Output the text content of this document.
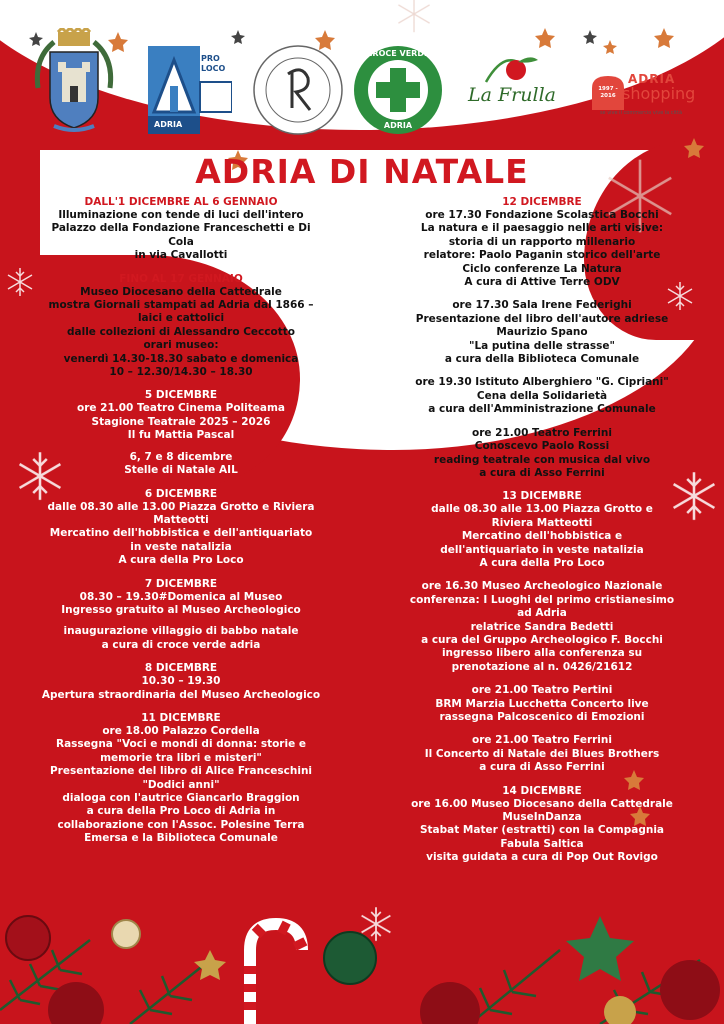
PRO LOCO
ADRIA
CROCE VERDE
ADRIA
La Frulla	1997 - 2016
ADRIA
shopping
se vive il commercio vive la città
ADRIA DI NATALE
DALL'1 DICEMBRE AL 6 GENNAIO
Illuminazione con tende di luci dell'intero
Palazzo della Fondazione Franceschetti e Di
Cola
in via Cavallotti
FINO AL 17 GENNAIO
Museo Diocesano della Cattedrale
mostra Giornali stampati ad Adria dal 1866 –
laici e cattolici
dalle collezioni di Alessandro Ceccotto
orari museo:
venerdì 14.30-18.30 sabato e domenica
10 – 12.30/14.30 – 18.30
5 DICEMBRE
ore 21.00 Teatro Cinema Politeama
Stagione Teatrale 2025 – 2026
Il fu Mattia Pascal
6, 7 e 8 dicembre
Stelle di Natale AIL
6 DICEMBRE
dalle 08.30 alle 13.00 Piazza Grotto e Riviera
Matteotti
Mercatino dell'hobbistica e dell'antiquariato
in veste natalizia
A cura della Pro Loco
7 DICEMBRE
08.30 – 19.30#Domenica al Museo
Ingresso gratuito al Museo Archeologico
inaugurazione villaggio di babbo natale
a cura di croce verde adria
8 DICEMBRE
10.30 – 19.30
Apertura straordinaria del Museo Archeologico
11 DICEMBRE
ore 18.00 Palazzo Cordella
Rassegna "Voci e mondi di donna: storie e
memorie tra libri e misteri"
Presentazione del libro di Alice Franceschini
"Dodici anni"
dialoga con l'autrice Giancarlo Braggion
a cura della Pro Loco di Adria in
collaborazione con l'Assoc. Polesine Terra
Emersa e la Biblioteca Comunale
12 DICEMBRE
ore 17.30 Fondazione Scolastica Bocchi
La natura e il paesaggio nelle arti visive:
storia di un rapporto millenario
relatore: Paolo Paganin storico dell'arte
Ciclo conferenze La Natura
A cura di Attive Terre ODV
ore 17.30 Sala Irene Federighi
Presentazione del libro dell'autore adriese
Maurizio Spano
"La putina delle strasse"
a cura della Biblioteca Comunale
ore 19.30 Istituto Alberghiero "G. Cipriani"
Cena della Solidarietà
a cura dell'Amministrazione Comunale
ore 21.00 Teatro Ferrini
Conoscevo Paolo Rossi
reading teatrale con musica dal vivo
a cura di Asso Ferrini
13 DICEMBRE
dalle 08.30 alle 13.00 Piazza Grotto e
Riviera Matteotti
Mercatino dell'hobbistica e
dell'antiquariato in veste natalizia
A cura della Pro Loco
ore 16.30 Museo Archeologico Nazionale
conferenza: I Luoghi del primo cristianesimo
ad Adria
relatrice Sandra Bedetti
a cura del Gruppo Archeologico F. Bocchi
ingresso libero alla conferenza su
prenotazione al n. 0426/21612
ore 21.00 Teatro Pertini
BRM Marzia Lucchetta Concerto live
rassegna Palcoscenico di Emozioni
ore 21.00 Teatro Ferrini
Il Concerto di Natale dei Blues Brothers
a cura di Asso Ferrini
14 DICEMBRE
ore 16.00 Museo Diocesano della Cattedrale
MuseInDanza
Stabat Mater (estratti) con la Compagnia
Fabula Saltica
visita guidata a cura di Pop Out Rovigo
